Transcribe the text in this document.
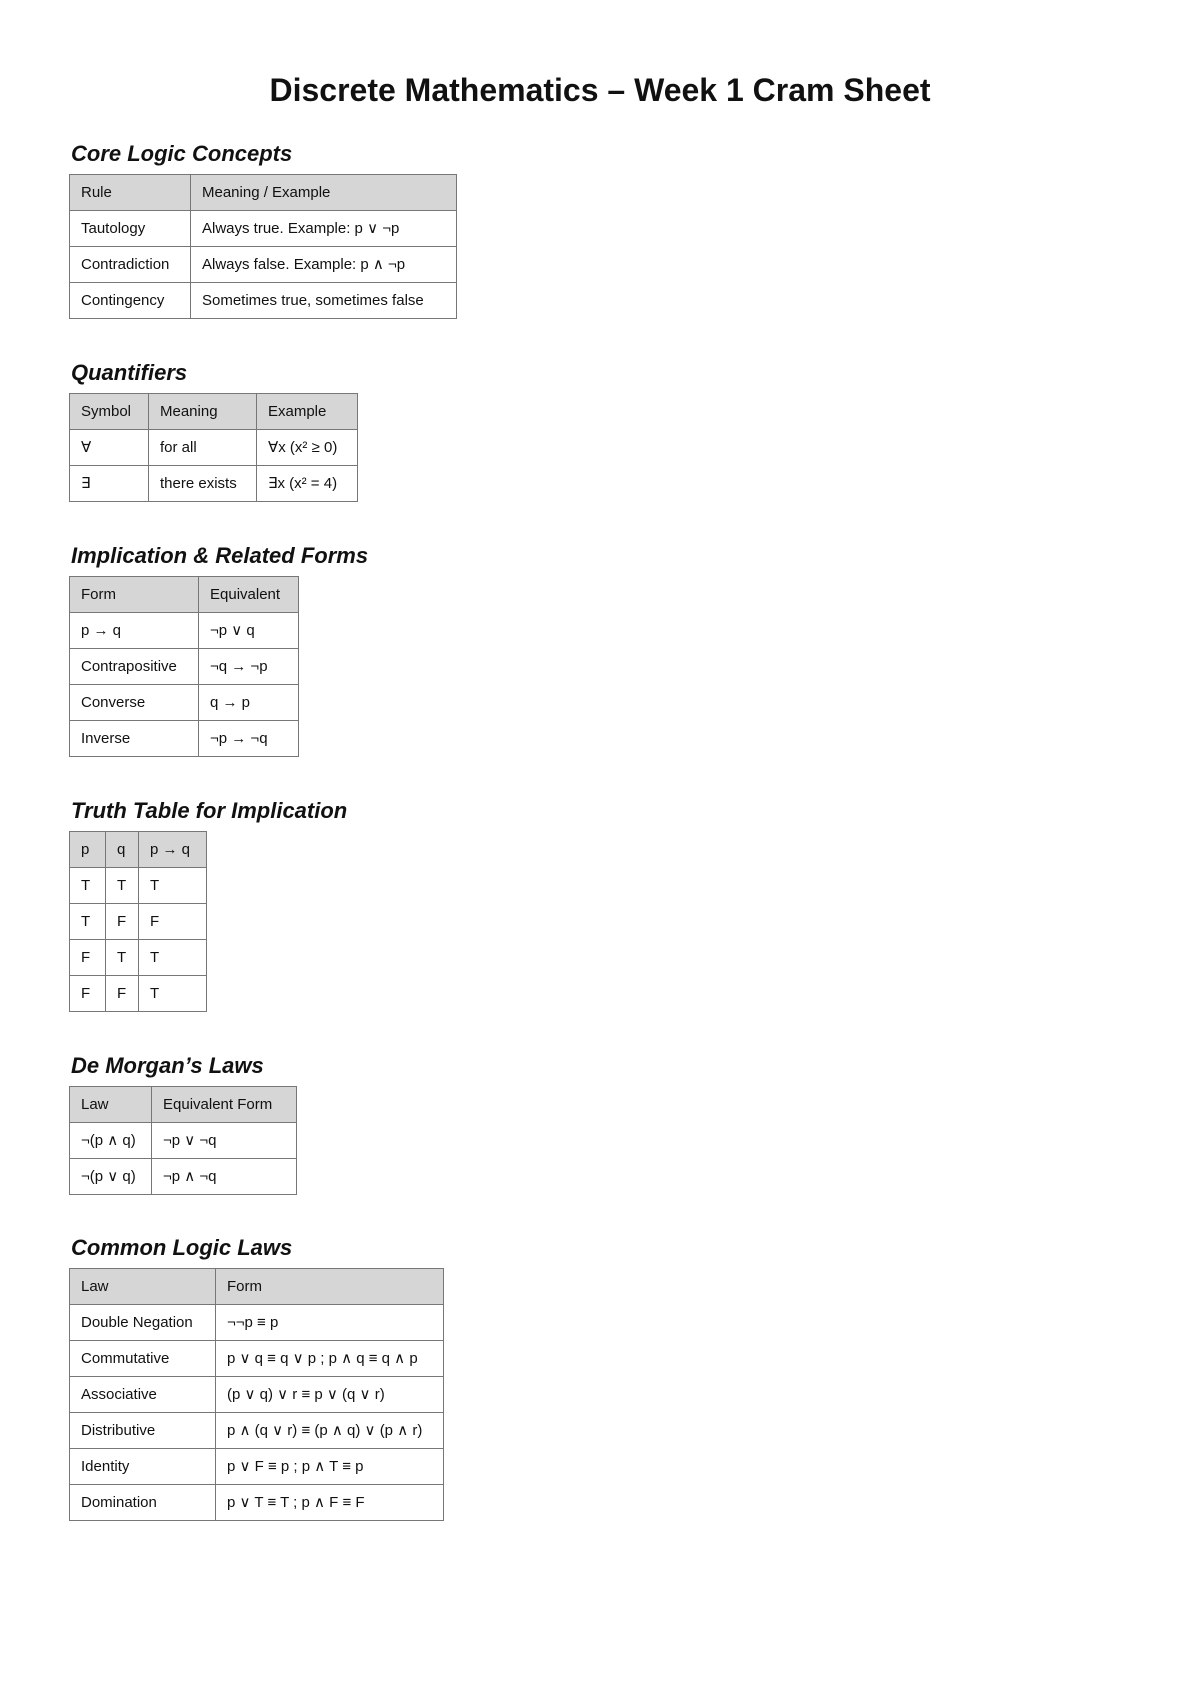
Discrete Mathematics – Week 1 Cram Sheet
Core Logic Concepts
Rule	Meaning / Example
Tautology	Always true. Example: p ∨ ¬p
Contradiction	Always false. Example: p ∧ ¬p
Contingency	Sometimes true, sometimes false
Quantifiers
Symbol	Meaning	Example
∀	for all	∀x (x² ≥ 0)
∃	there exists	∃x (x² = 4)
Implication & Related Forms
Form	Equivalent
p → q	¬p ∨ q
Contrapositive	¬q → ¬p
Converse	q → p
Inverse	¬p → ¬q
Truth Table for Implication
p	q	p → q
T	T	T
T	F	F
F	T	T
F	F	T
De Morgan’s Laws
Law	Equivalent Form
¬(p ∧ q)	¬p ∨ ¬q
¬(p ∨ q)	¬p ∧ ¬q
Common Logic Laws
Law	Form
Double Negation	¬¬p ≡ p
Commutative	p ∨ q ≡ q ∨ p ; p ∧ q ≡ q ∧ p
Associative	(p ∨ q) ∨ r ≡ p ∨ (q ∨ r)
Distributive	p ∧ (q ∨ r) ≡ (p ∧ q) ∨ (p ∧ r)
Identity	p ∨ F ≡ p ; p ∧ T ≡ p
Domination	p ∨ T ≡ T ; p ∧ F ≡ F
